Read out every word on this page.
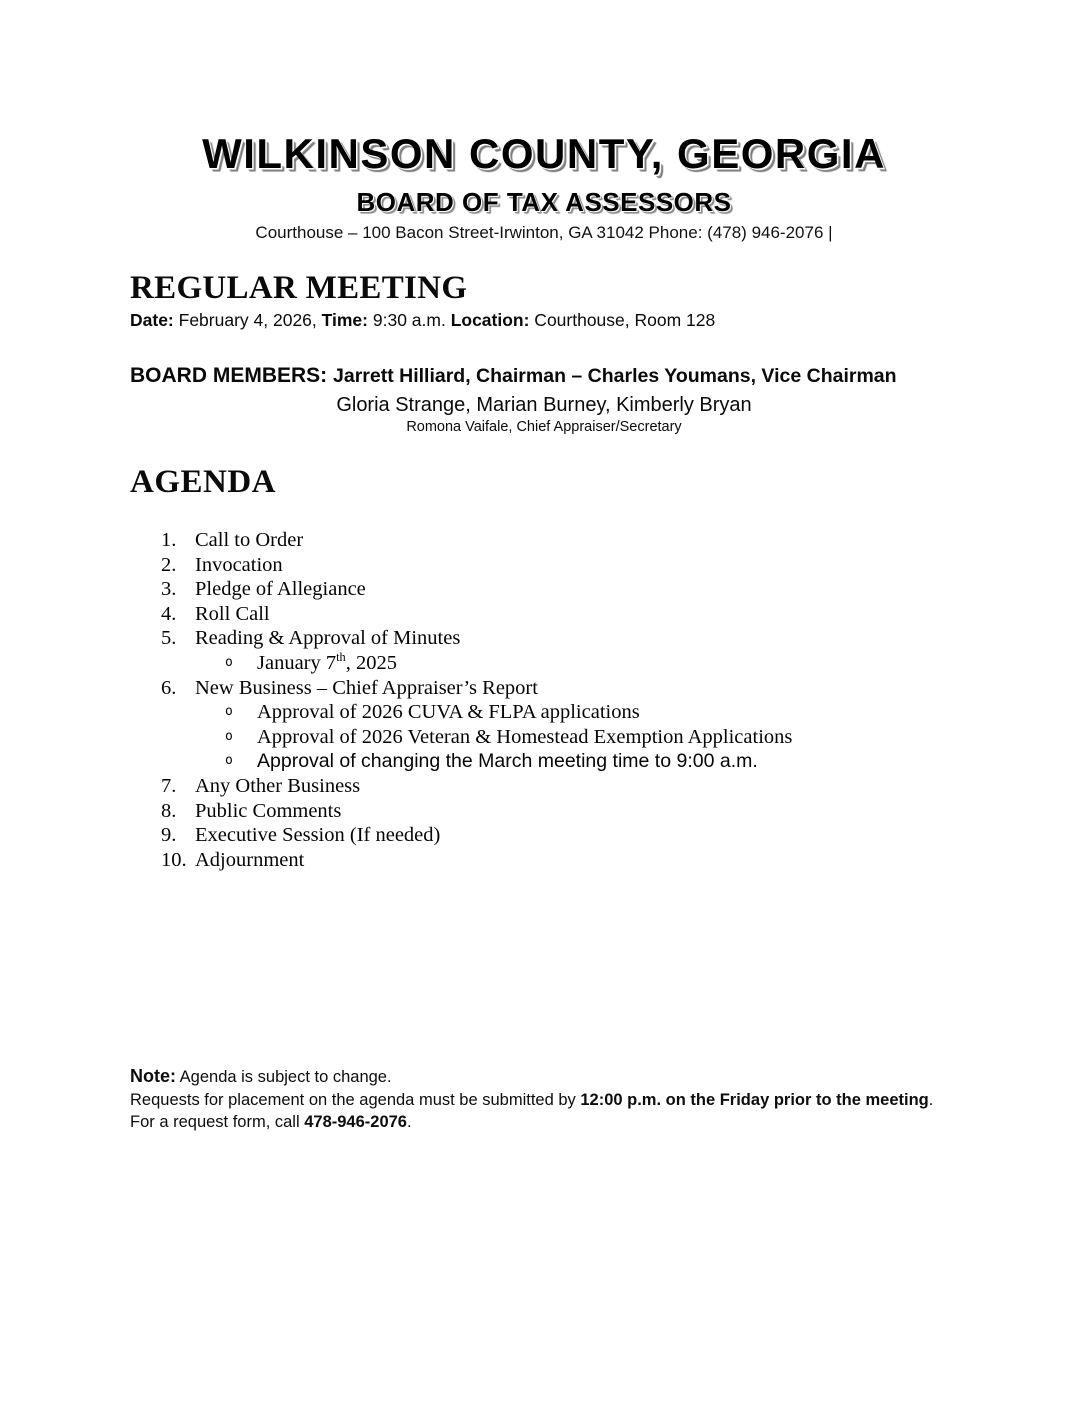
WILKINSON COUNTY, GEORGIA
BOARD OF TAX ASSESSORS
Courthouse – 100 Bacon Street-Irwinton, GA 31042 Phone: (478) 946-2076 |
REGULAR MEETING
Date: February 4, 2026, Time: 9:30 a.m. Location: Courthouse, Room 128
BOARD MEMBERS: Jarrett Hilliard, Chairman – Charles Youmans, Vice Chairman
Gloria Strange, Marian Burney, Kimberly Bryan
Romona Vaifale, Chief Appraiser/Secretary
AGENDA
1. Call to Order
2. Invocation
3. Pledge of Allegiance
4. Roll Call
5. Reading & Approval of Minutes
o	January 7th, 2025
6. New Business – Chief Appraiser’s Report
o	Approval of 2026 CUVA & FLPA applications
o	Approval of 2026 Veteran & Homestead Exemption Applications
o	Approval of changing the March meeting time to 9:00 a.m.
7. Any Other Business
8. Public Comments
9. Executive Session (If needed)
10. Adjournment
Note: Agenda is subject to change.
Requests for placement on the agenda must be submitted by 12:00 p.m. on the Friday prior to the meeting.
For a request form, call 478-946-2076.
